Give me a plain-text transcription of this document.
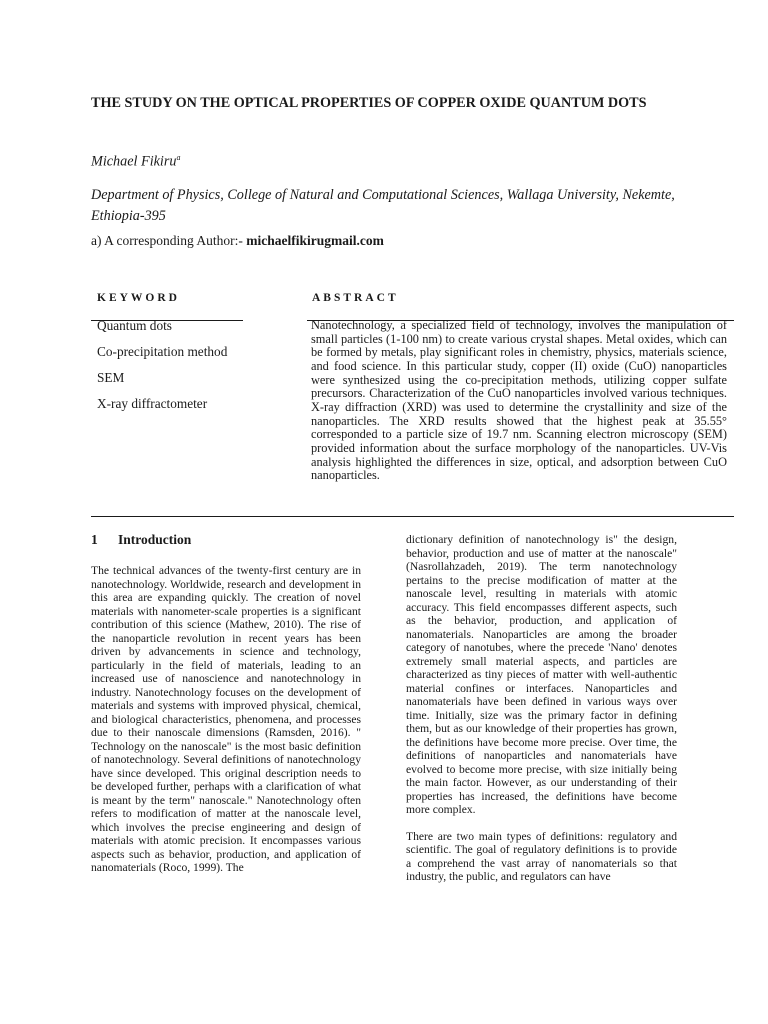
THE STUDY ON THE OPTICAL PROPERTIES OF COPPER OXIDE QUANTUM DOTS
Michael Fikiru$^a$
Department of Physics, College of Natural and Computational Sciences, Wallaga University, Nekemte, Ethiopia-395
a) A corresponding Author:- michaelfikirugmail.com
KEYWORD	ABSTRACT
Quantum dots
Co-precipitation method
SEM
X-ray diffractometer
Nanotechnology, a specialized field of technology, involves the manipulation of small particles (1-100 nm) to create various crystal shapes. Metal oxides, which can be formed by metals, play significant roles in chemistry, physics, materials science, and food science. In this particular study, copper (II) oxide (CuO) nanoparticles were synthesized using the co-precipitation methods, utilizing copper sulfate precursors. Characterization of the CuO nanoparticles involved various techniques. X-ray diffraction (XRD) was used to determine the crystallinity and size of the nanoparticles. The XRD results showed that the highest peak at 35.55° corresponded to a particle size of 19.7 nm. Scanning electron microscopy (SEM) provided information about the surface morphology of the nanoparticles. UV-Vis analysis highlighted the differences in size, optical, and adsorption between CuO nanoparticles.
1 Introduction

The technical advances of the twenty-first century are in nanotechnology. Worldwide, research and development in this area are expanding quickly. The creation of novel materials with nanometer-scale properties is a significant contribution of this science (Mathew, 2010). The rise of the nanoparticle revolution in recent years has been driven by advancements in science and technology, particularly in the field of materials, leading to an increased use of nanoscience and nanotechnology in industry. Nanotechnology focuses on the development of materials and systems with improved physical, chemical, and biological characteristics, phenomena, and processes due to their nanoscale dimensions (Ramsden, 2016). " Technology on the nanoscale" is the most basic definition of nanotechnology. Several definitions of nanotechnology have since developed. This original description needs to be developed further, perhaps with a clarification of what is meant by the term" nanoscale." Nanotechnology often refers to modification of matter at the nanoscale level, which involves the precise engineering and design of materials with atomic precision. It encompasses various aspects such as behavior, production, and application of nanomaterials (Roco, 1999). The

dictionary definition of nanotechnology is" the design, behavior, production and use of matter at the nanoscale" (Nasrollahzadeh, 2019). The term nanotechnology pertains to the precise modification of matter at the nanoscale level, resulting in materials with atomic accuracy. This field encompasses different aspects, such as the behavior, production, and application of nanomaterials. Nanoparticles are among the broader category of nanotubes, where the precede 'Nano' denotes extremely small material aspects, and particles are characterized as tiny pieces of matter with well-authentic material confines or interfaces. Nanoparticles and nanomaterials have been defined in various ways over time. Initially, size was the primary factor in defining them, but as our knowledge of their properties has grown, the definitions have become more precise. Over time, the definitions of nanoparticles and nanomaterials have evolved to become more precise, with size initially being the main factor. However, as our understanding of their properties has increased, the definitions have become more complex.

There are two main types of definitions: regulatory and scientific. The goal of regulatory definitions is to provide a comprehend the vast array of nanomaterials so that industry, the public, and regulators can have
